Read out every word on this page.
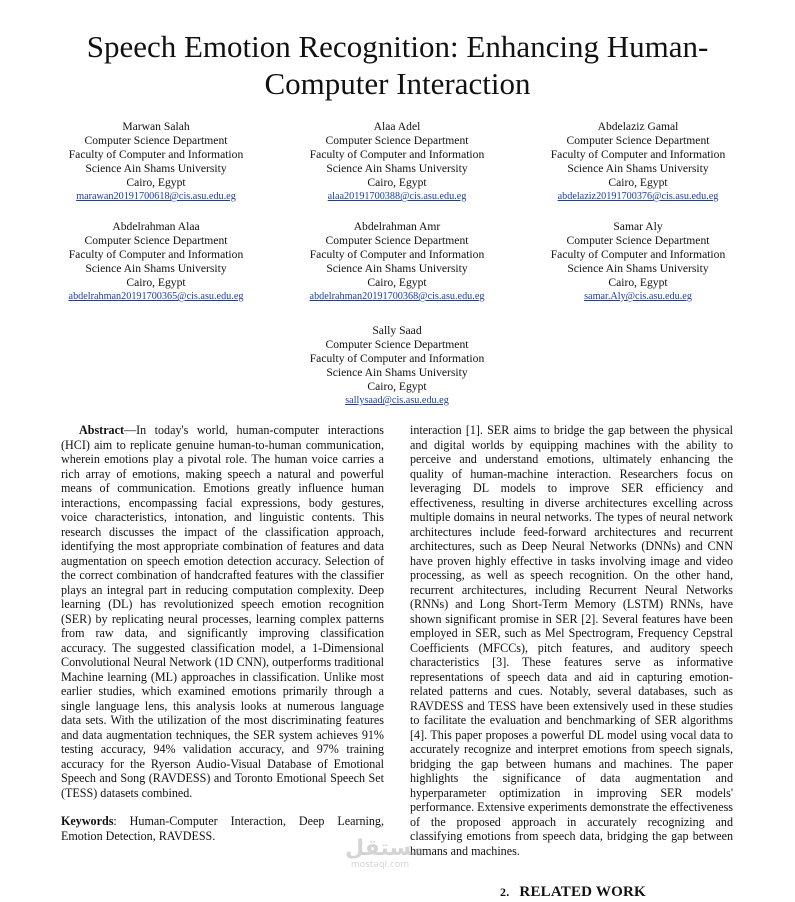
Speech Emotion Recognition: Enhancing Human-Computer Interaction
Marwan Salah
Computer Science Department
Faculty of Computer and Information
Science Ain Shams University
Cairo, Egypt
marawan20191700618@cis.asu.edu.eg
Alaa Adel
Computer Science Department
Faculty of Computer and Information
Science Ain Shams University
Cairo, Egypt
alaa20191700388@cis.asu.edu.eg
Abdelaziz Gamal
Computer Science Department
Faculty of Computer and Information
Science Ain Shams University
Cairo, Egypt
abdelaziz20191700376@cis.asu.edu.eg
Abdelrahman Alaa
Computer Science Department
Faculty of Computer and Information
Science Ain Shams University
Cairo, Egypt
abdelrahman20191700365@cis.asu.edu.eg
Abdelrahman Amr
Computer Science Department
Faculty of Computer and Information
Science Ain Shams University
Cairo, Egypt
abdelrahman20191700368@cis.asu.edu.eg
Samar Aly
Computer Science Department
Faculty of Computer and Information
Science Ain Shams University
Cairo, Egypt
samar.Aly@cis.asu.edu.eg
Sally Saad
Computer Science Department
Faculty of Computer and Information
Science Ain Shams University
Cairo, Egypt
sallysaad@cis.asu.edu.eg
Abstract—In today's world, human-computer interactions (HCI) aim to replicate genuine human-to-human communication, wherein emotions play a pivotal role. The human voice carries a rich array of emotions, making speech a natural and powerful means of communication. Emotions greatly influence human interactions, encompassing facial expressions, body gestures, voice characteristics, intonation, and linguistic contents. This research discusses the impact of the classification approach, identifying the most appropriate combination of features and data augmentation on speech emotion detection accuracy. Selection of the correct combination of handcrafted features with the classifier plays an integral part in reducing computation complexity. Deep learning (DL) has revolutionized speech emotion recognition (SER) by replicating neural processes, learning complex patterns from raw data, and significantly improving classification accuracy. The suggested classification model, a 1-Dimensional Convolutional Neural Network (1D CNN), outperforms traditional Machine learning (ML) approaches in classification. Unlike most earlier studies, which examined emotions primarily through a single language lens, this analysis looks at numerous language data sets. With the utilization of the most discriminating features and data augmentation techniques, the SER system achieves 91% testing accuracy, 94% validation accuracy, and 97% training accuracy for the Ryerson Audio-Visual Database of Emotional Speech and Song (RAVDESS) and Toronto Emotional Speech Set (TESS) datasets combined.
Keywords: Human-Computer Interaction, Deep Learning, Emotion Detection, RAVDESS.
interaction [1]. SER aims to bridge the gap between the physical and digital worlds by equipping machines with the ability to perceive and understand emotions, ultimately enhancing the quality of human-machine interaction. Researchers focus on leveraging DL models to improve SER efficiency and effectiveness, resulting in diverse architectures excelling across multiple domains in neural networks. The types of neural network architectures include feed-forward architectures and recurrent architectures, such as Deep Neural Networks (DNNs) and CNN have proven highly effective in tasks involving image and video processing, as well as speech recognition. On the other hand, recurrent architectures, including Recurrent Neural Networks (RNNs) and Long Short-Term Memory (LSTM) RNNs, have shown significant promise in SER [2]. Several features have been employed in SER, such as Mel Spectrogram, Frequency Cepstral Coefficients (MFCCs), pitch features, and auditory speech characteristics [3]. These features serve as informative representations of speech data and aid in capturing emotion-related patterns and cues. Notably, several databases, such as RAVDESS and TESS have been extensively used in these studies to facilitate the evaluation and benchmarking of SER algorithms [4]. This paper proposes a powerful DL model using vocal data to accurately recognize and interpret emotions from speech signals, bridging the gap between humans and machines. The paper highlights the significance of data augmentation and hyperparameter optimization in improving SER models' performance. Extensive experiments demonstrate the effectiveness of the proposed approach in accurately recognizing and classifying emotions from speech data, bridging the gap between humans and machines.
2. RELATED WORK
مستقل
mostaql.com
